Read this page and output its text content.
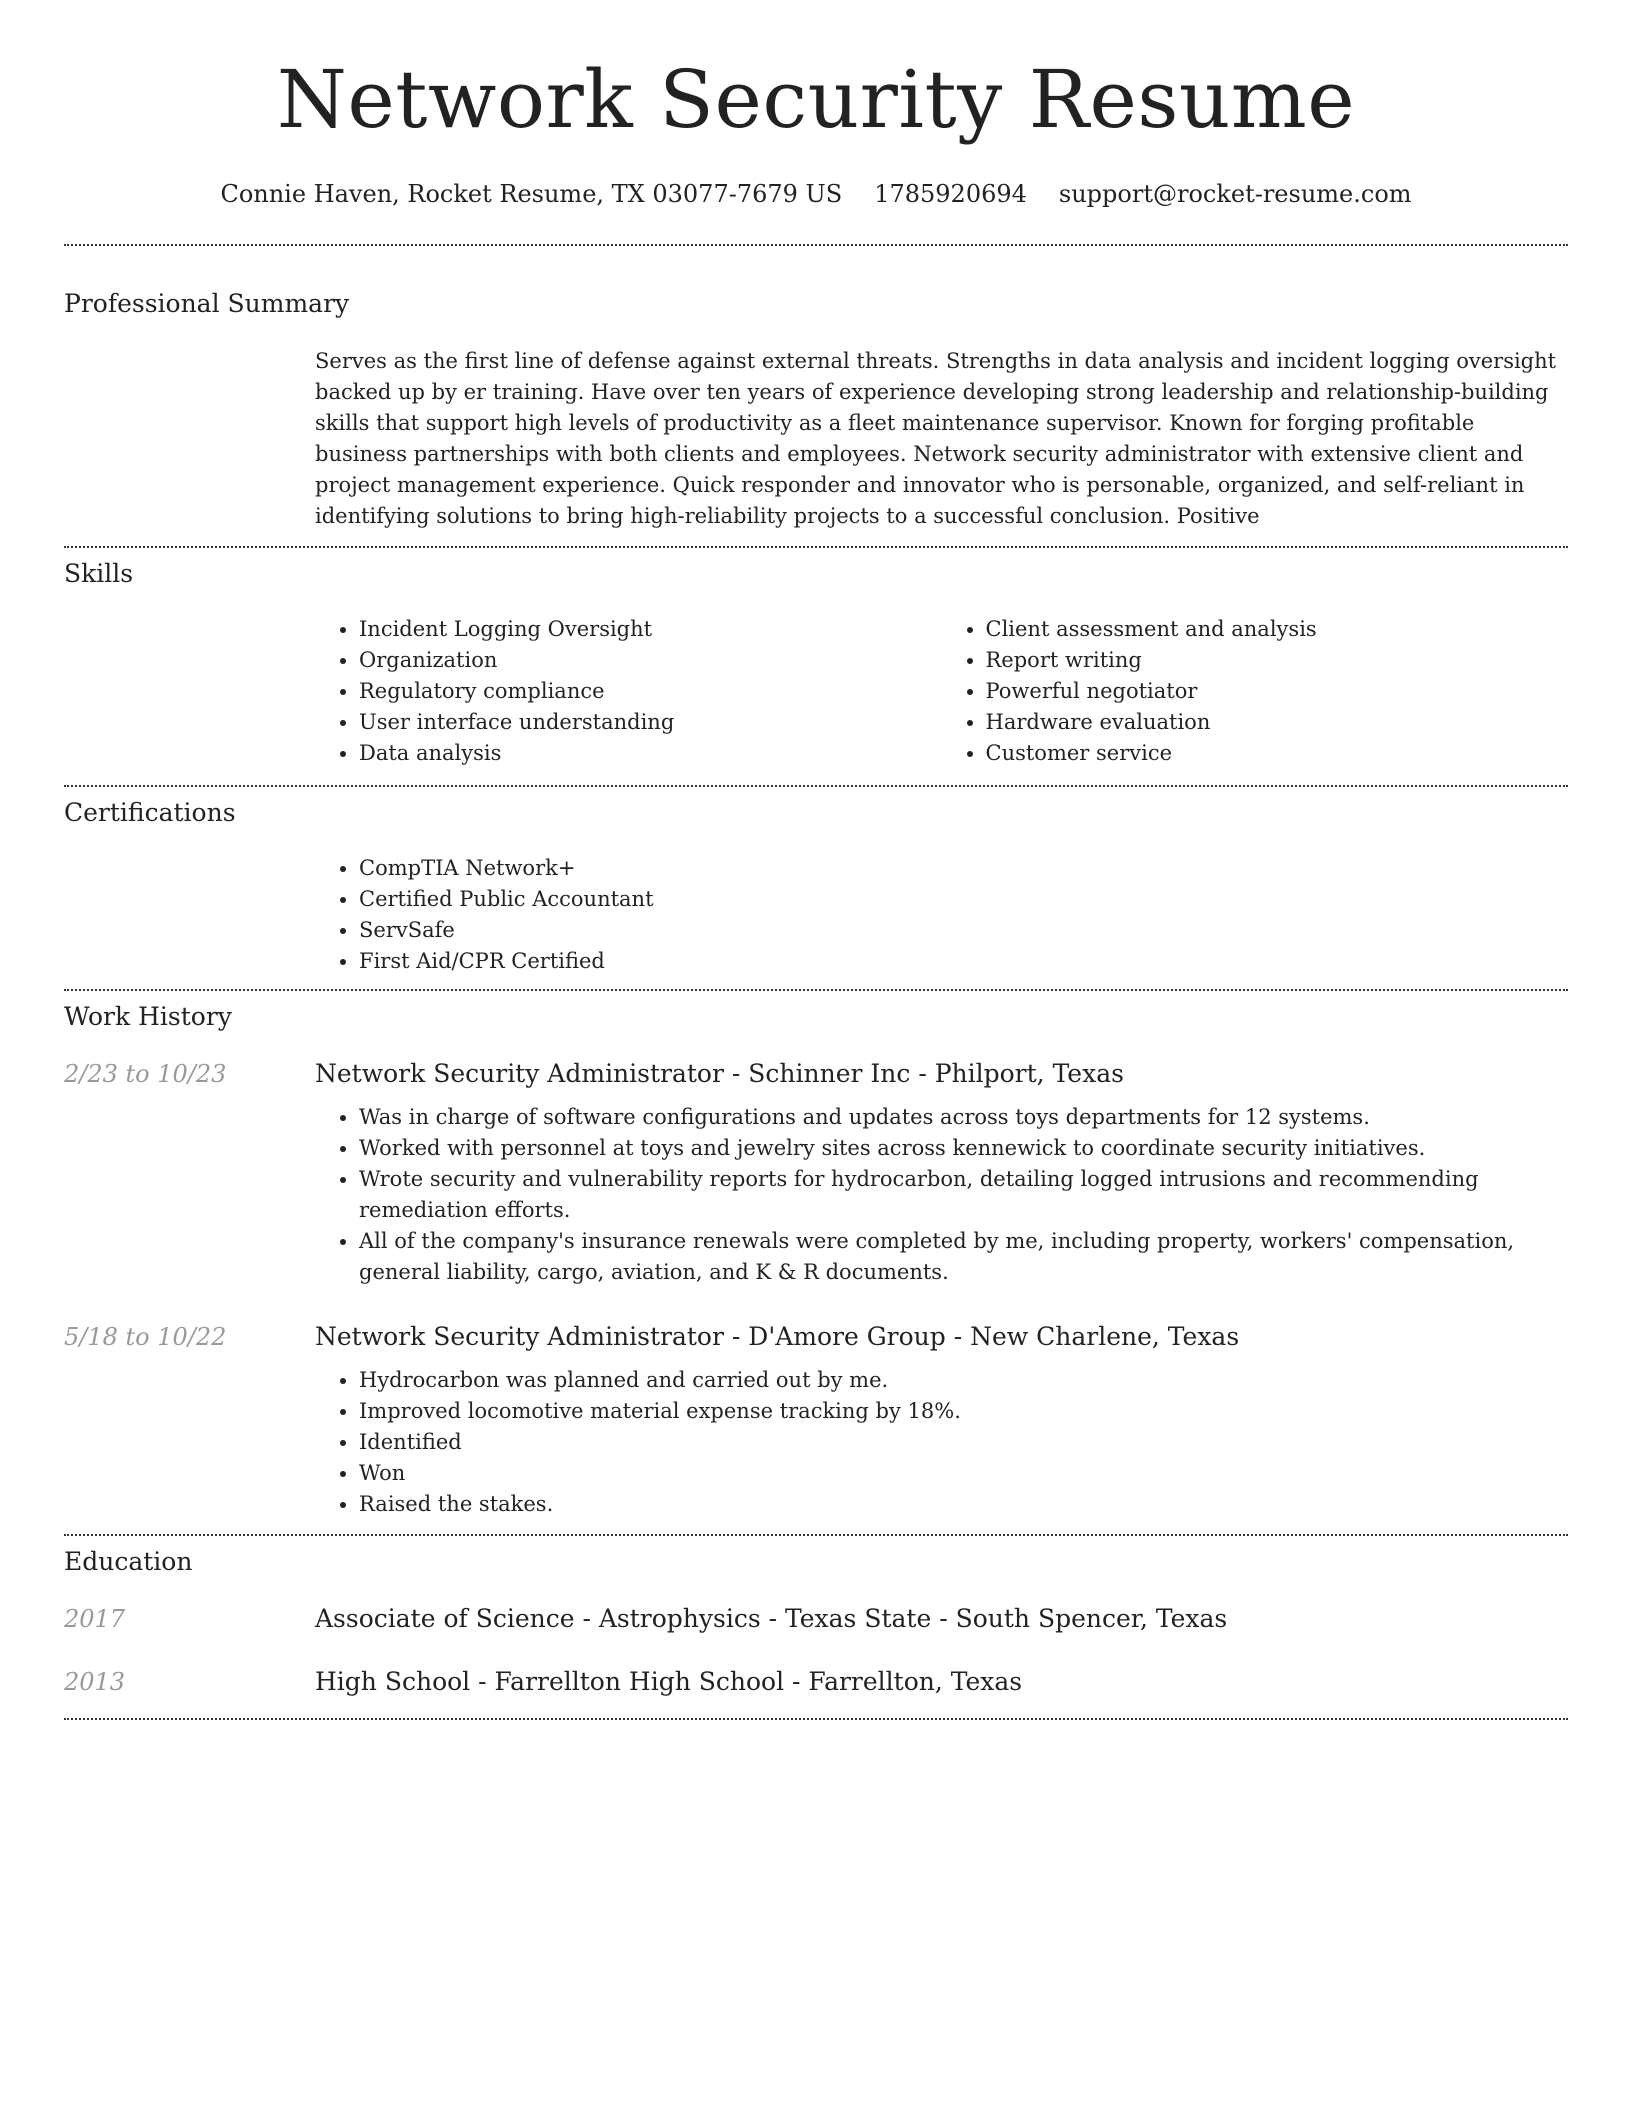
Network Security Resume
Connie Haven, Rocket Resume, TX 03077-7679 US 1785920694 support@rocket-resume.com
Professional Summary
Serves as the first line of defense against external threats. Strengths in data analysis and incident logging oversight backed up by er training. Have over ten years of experience developing strong leadership and relationship-building skills that support high levels of productivity as a fleet maintenance supervisor. Known for forging profitable business partnerships with both clients and employees. Network security administrator with extensive client and project management experience. Quick responder and innovator who is personable, organized, and self-reliant in identifying solutions to bring high-reliability projects to a successful conclusion. Positive
Skills
• Incident Logging Oversight
• Organization
• Regulatory compliance
• User interface understanding
• Data analysis
• Client assessment and analysis
• Report writing
• Powerful negotiator
• Hardware evaluation
• Customer service
Certifications
• CompTIA Network+
• Certified Public Accountant
• ServSafe
• First Aid/CPR Certified
Work History
2/23 to 10/23	Network Security Administrator - Schinner Inc - Philport, Texas
• Was in charge of software configurations and updates across toys departments for 12 systems.
• Worked with personnel at toys and jewelry sites across kennewick to coordinate security initiatives.
• Wrote security and vulnerability reports for hydrocarbon, detailing logged intrusions and recommending remediation efforts.
• All of the company's insurance renewals were completed by me, including property, workers' compensation, general liability, cargo, aviation, and K & R documents.
5/18 to 10/22	Network Security Administrator - D'Amore Group - New Charlene, Texas
• Hydrocarbon was planned and carried out by me.
• Improved locomotive material expense tracking by 18%.
• Identified
• Won
• Raised the stakes.
Education
2017	Associate of Science - Astrophysics - Texas State - South Spencer, Texas
2013	High School - Farrellton High School - Farrellton, Texas
